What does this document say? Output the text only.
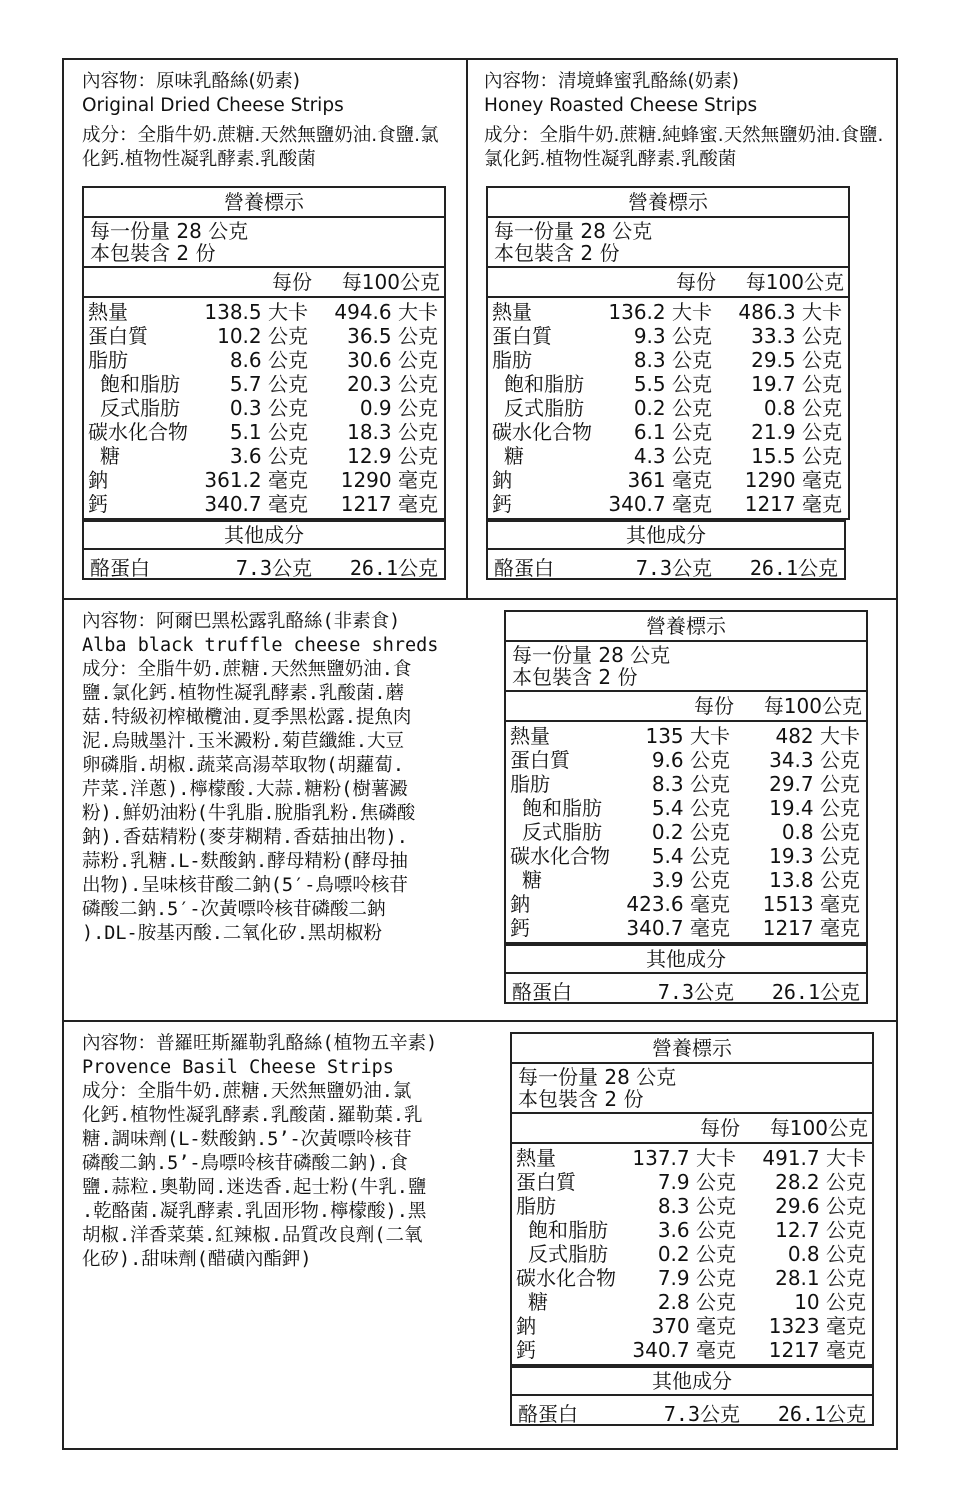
內容物：原味乳酪絲(奶素)
Original Dried Cheese Strips
成分：全脂牛奶.蔗糖.天然無鹽奶油.食鹽.氯化鈣.植物性凝乳酵素.乳酸菌
營養標示
每一份量 28 公克
本包裝含 2 份
每份 每100公克
熱量	138.5 大卡 494.6 大卡
蛋白質	10.2 公克 36.5 公克
脂肪	8.6 公克 30.6 公克
飽和脂肪 5.7 公克 20.3 公克
反式脂肪 0.3 公克	0.9 公克
碳水化合物 5.1 公克 18.3 公克
糖	3.6 公克 12.9 公克
鈉	361.2 毫克 1290 毫克
鈣	340.7 毫克 1217 毫克
其他成分
酪蛋白	7.3公克 26.1公克
內容物：清境蜂蜜乳酪絲(奶素)
Honey Roasted Cheese Strips
成分：全脂牛奶.蔗糖.純蜂蜜.天然無鹽奶油.食鹽.氯化鈣.植物性凝乳酵素.乳酸菌
營養標示
每一份量 28 公克
本包裝含 2 份
每份 每100公克
熱量	136.2 大卡 486.3 大卡
蛋白質	9.3 公克 33.3 公克
脂肪	8.3 公克 29.5 公克
飽和脂肪 5.5 公克 19.7 公克
反式脂肪 0.2 公克	0.8 公克
碳水化合物 6.1 公克 21.9 公克
糖	4.3 公克 15.5 公克
鈉	361 毫克 1290 毫克
鈣	340.7 毫克 1217 毫克
其他成分
酪蛋白	7.3公克 26.1公克
內容物：阿爾巴黑松露乳酪絲(非素食)
Alba black truffle cheese shreds
成分：全脂牛奶.蔗糖.天然無鹽奶油.食
鹽.氯化鈣.植物性凝乳酵素.乳酸菌.蘑
菇.特級初榨橄欖油.夏季黑松露.提魚肉
泥.烏賊墨汁.玉米澱粉.菊苣纖維.大豆
卵磷脂.胡椒.蔬菜高湯萃取物(胡蘿蔔.
芹菜.洋蔥).檸檬酸.大蒜.糖粉(樹薯澱
粉).鮮奶油粉(牛乳脂.脫脂乳粉.焦磷酸
鈉).香菇精粉(麥芽糊精.香菇抽出物).
蒜粉.乳糖.L-麩酸鈉.酵母精粉(酵母抽
出物).呈味核苷酸二鈉(5′-鳥嘌呤核苷
磷酸二鈉.5′-次黃嘌呤核苷磷酸二鈉
).DL-胺基丙酸.二氧化矽.黑胡椒粉
營養標示
每一份量 28 公克
本包裝含 2 份
每份 每100公克
熱量	135 大卡 482 大卡
蛋白質	9.6 公克 34.3 公克
脂肪	8.3 公克 29.7 公克
飽和脂肪 5.4 公克 19.4 公克
反式脂肪 0.2 公克	0.8 公克
碳水化合物 5.4 公克 19.3 公克
糖	3.9 公克 13.8 公克
鈉	423.6 毫克 1513 毫克
鈣	340.7 毫克 1217 毫克
其他成分
酪蛋白	7.3公克 26.1公克
內容物：普羅旺斯羅勒乳酪絲(植物五辛素)
Provence Basil Cheese Strips
成分：全脂牛奶.蔗糖.天然無鹽奶油.氯
化鈣.植物性凝乳酵素.乳酸菌.羅勒葉.乳
糖.調味劑(L-麩酸鈉.5’-次黃嘌呤核苷
磷酸二鈉.5’-鳥嘌呤核苷磷酸二鈉).食
鹽.蒜粒.奧勒岡.迷迭香.起士粉(牛乳.鹽
.乾酪菌.凝乳酵素.乳固形物.檸檬酸).黑
胡椒.洋香菜葉.紅辣椒.品質改良劑(二氧
化矽).甜味劑(醋磺內酯鉀)
營養標示
每一份量 28 公克
本包裝含 2 份
每份 每100公克
熱量	137.7 大卡 491.7 大卡
蛋白質	7.9 公克 28.2 公克
脂肪	8.3 公克 29.6 公克
飽和脂肪 3.6 公克 12.7 公克
反式脂肪 0.2 公克	0.8 公克
碳水化合物 7.9 公克 28.1 公克
糖	2.8 公克	10 公克
鈉	370 毫克 1323 毫克
鈣	340.7 毫克 1217 毫克
其他成分
酪蛋白	7.3公克 26.1公克
